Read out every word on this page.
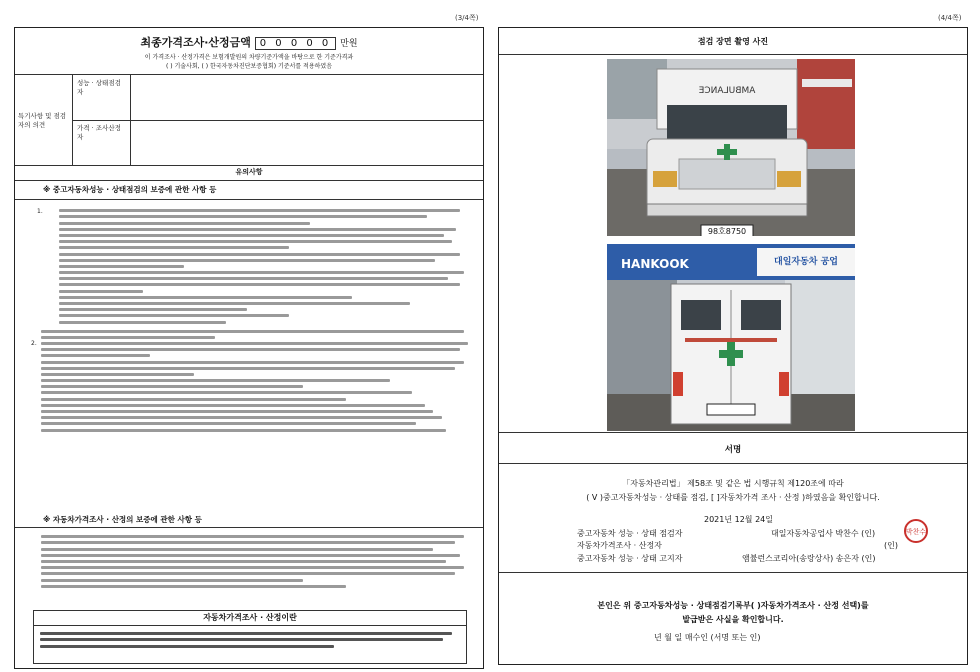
(3/4쪽)	(4/4쪽)
최종가격조사·산정금액 0 0 0 0 0 만원
이 가격조사 · 산정가격은 보험개발원의 차량기준가액을 바탕으로 한 기준가격과
( ) 기술사회, ( ) 한국자동차진단보증협회) 기준서를 적용하였음
특기사항 및 점검자의 의견
성능 · 상태점검자
가격 · 조사산정자
유의사항
※ 중고자동차성능 · 상태점검의 보증에 관한 사항 등
1.
2.
※ 자동차가격조사 · 산정의 보증에 관한 사항 등
자동차가격조사 · 산정이란
점검 장면 촬영 사진
AMBULANCE
98호8750
HANKOOK	대일자동차 공업
서명
「자동차관리법」 제58조 및 같은 법 시행규칙 제120조에 따라
( V )중고자동차성능 · 상태를 점검, [ ]자동차가격 조사 · 산정 )하였음을 확인합니다.
2021년 12월 24일
중고자동차 성능 · 상태 점검자	대일자동차공업사 박찬수 (인)
자동차가격조사 · 산정자	(인)
중고자동차 성능 · 상태 고지자	앰뷸런스코리아(송랑상사) 송은자 (인)
박찬수
본인은 위 중고자동차성능 · 상태점검기록부( )자동차가격조사 · 산정 선택)를
발급받은 사실을 확인합니다.
년 월 일 매수인 (서명 또는 인)
